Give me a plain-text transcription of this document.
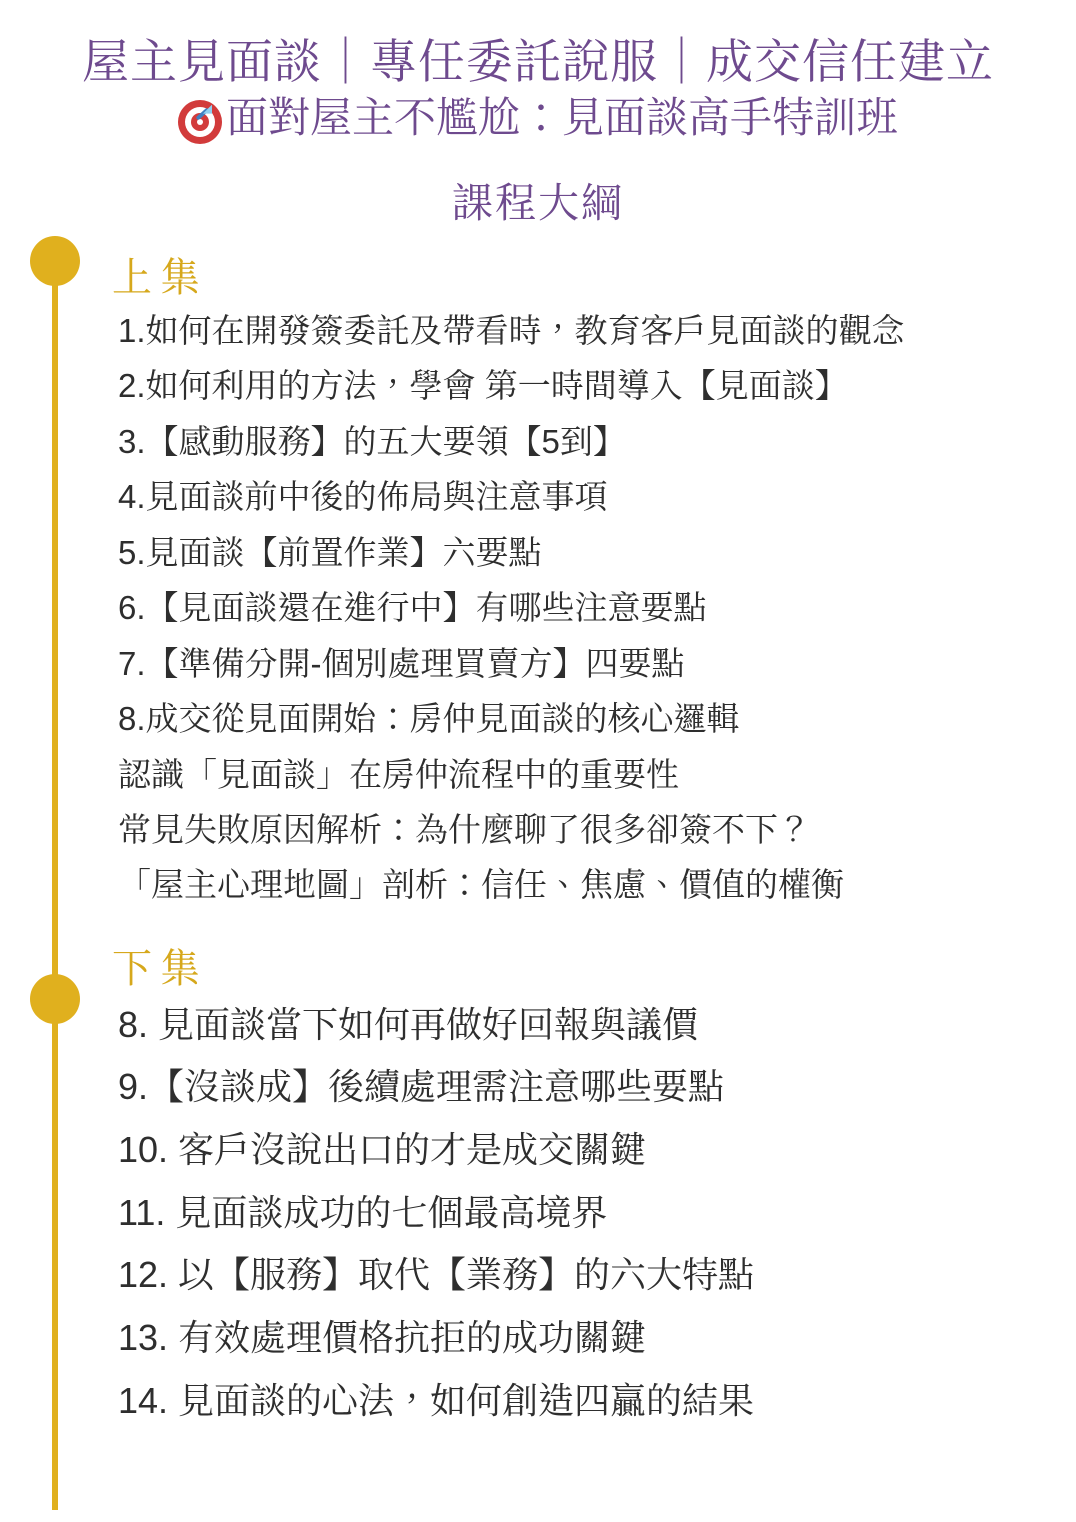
屋主見面談｜專任委託說服｜成交信任建立
面對屋主不尷尬：見面談高手特訓班
課程大綱
上集
1.如何在開發簽委託及帶看時，教育客戶見面談的觀念
2.如何利用的方法，學會 第一時間導入【見面談】
3.【感動服務】的五大要領【5到】
4.見面談前中後的佈局與注意事項
5.見面談【前置作業】六要點
6.【見面談還在進行中】有哪些注意要點
7.【準備分開-個別處理買賣方】四要點
8.成交從見面開始：房仲見面談的核心邏輯
認識「見面談」在房仲流程中的重要性
常見失敗原因解析：為什麼聊了很多卻簽不下？
「屋主心理地圖」剖析：信任、焦慮、價值的權衡
下集
8. 見面談當下如何再做好回報與議價
9.【沒談成】後續處理需注意哪些要點
10. 客戶沒說出口的才是成交關鍵
11. 見面談成功的七個最高境界
12. 以【服務】取代【業務】的六大特點
13. 有效處理價格抗拒的成功關鍵
14. 見面談的心法，如何創造四贏的結果
